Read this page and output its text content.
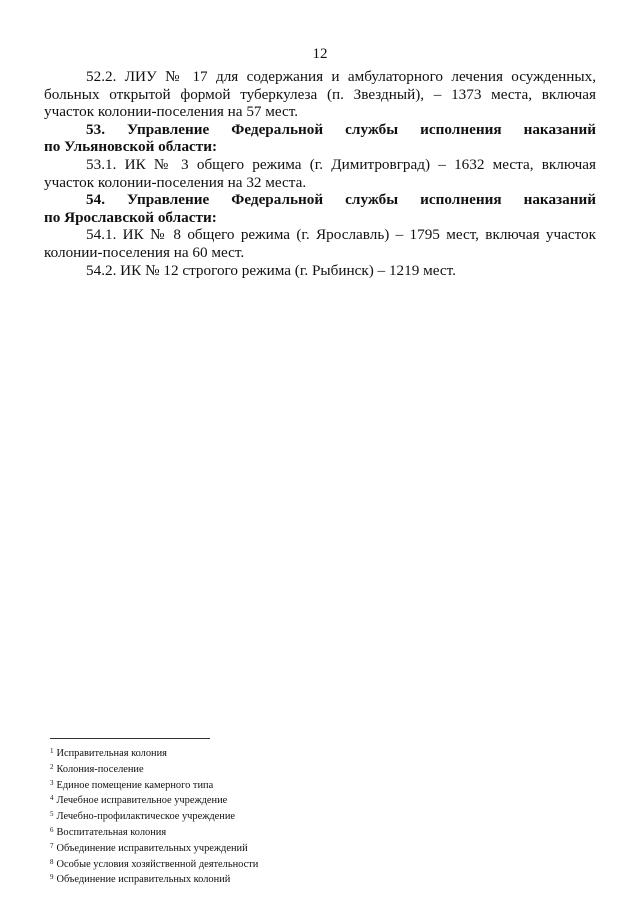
12

52.2. ЛИУ № 17 для содержания и амбулаторного лечения осужденных,
больных открытой формой туберкулеза (п. Звездный), – 1373 места, включая
участок колонии-поселения на 57 мест.

53. Управление Федеральной службы исполнения наказаний
по Ульяновской области:

53.1. ИК № 3 общего режима (г. Димитровград) – 1632 места, включая
участок колонии-поселения на 32 места.

54. Управление Федеральной службы исполнения наказаний
по Ярославской области:

54.1. ИК № 8 общего режима (г. Ярославль) – 1795 мест, включая участок
колонии-поселения на 60 мест.

54.2. ИК № 12 строгого режима (г. Рыбинск) – 1219 мест.

$^1$ Исправительная колония

$^2$ Колония-поселение

$^3$ Единое помещение камерного типа

$^4$ Лечебное исправительное учреждение

$^5$ Лечебно-профилактическое учреждение

$^6$ Воспитательная колония

$^7$ Объединение исправительных учреждений

$^8$ Особые условия хозяйственной деятельности

$^9$ Объединение исправительных колоний
